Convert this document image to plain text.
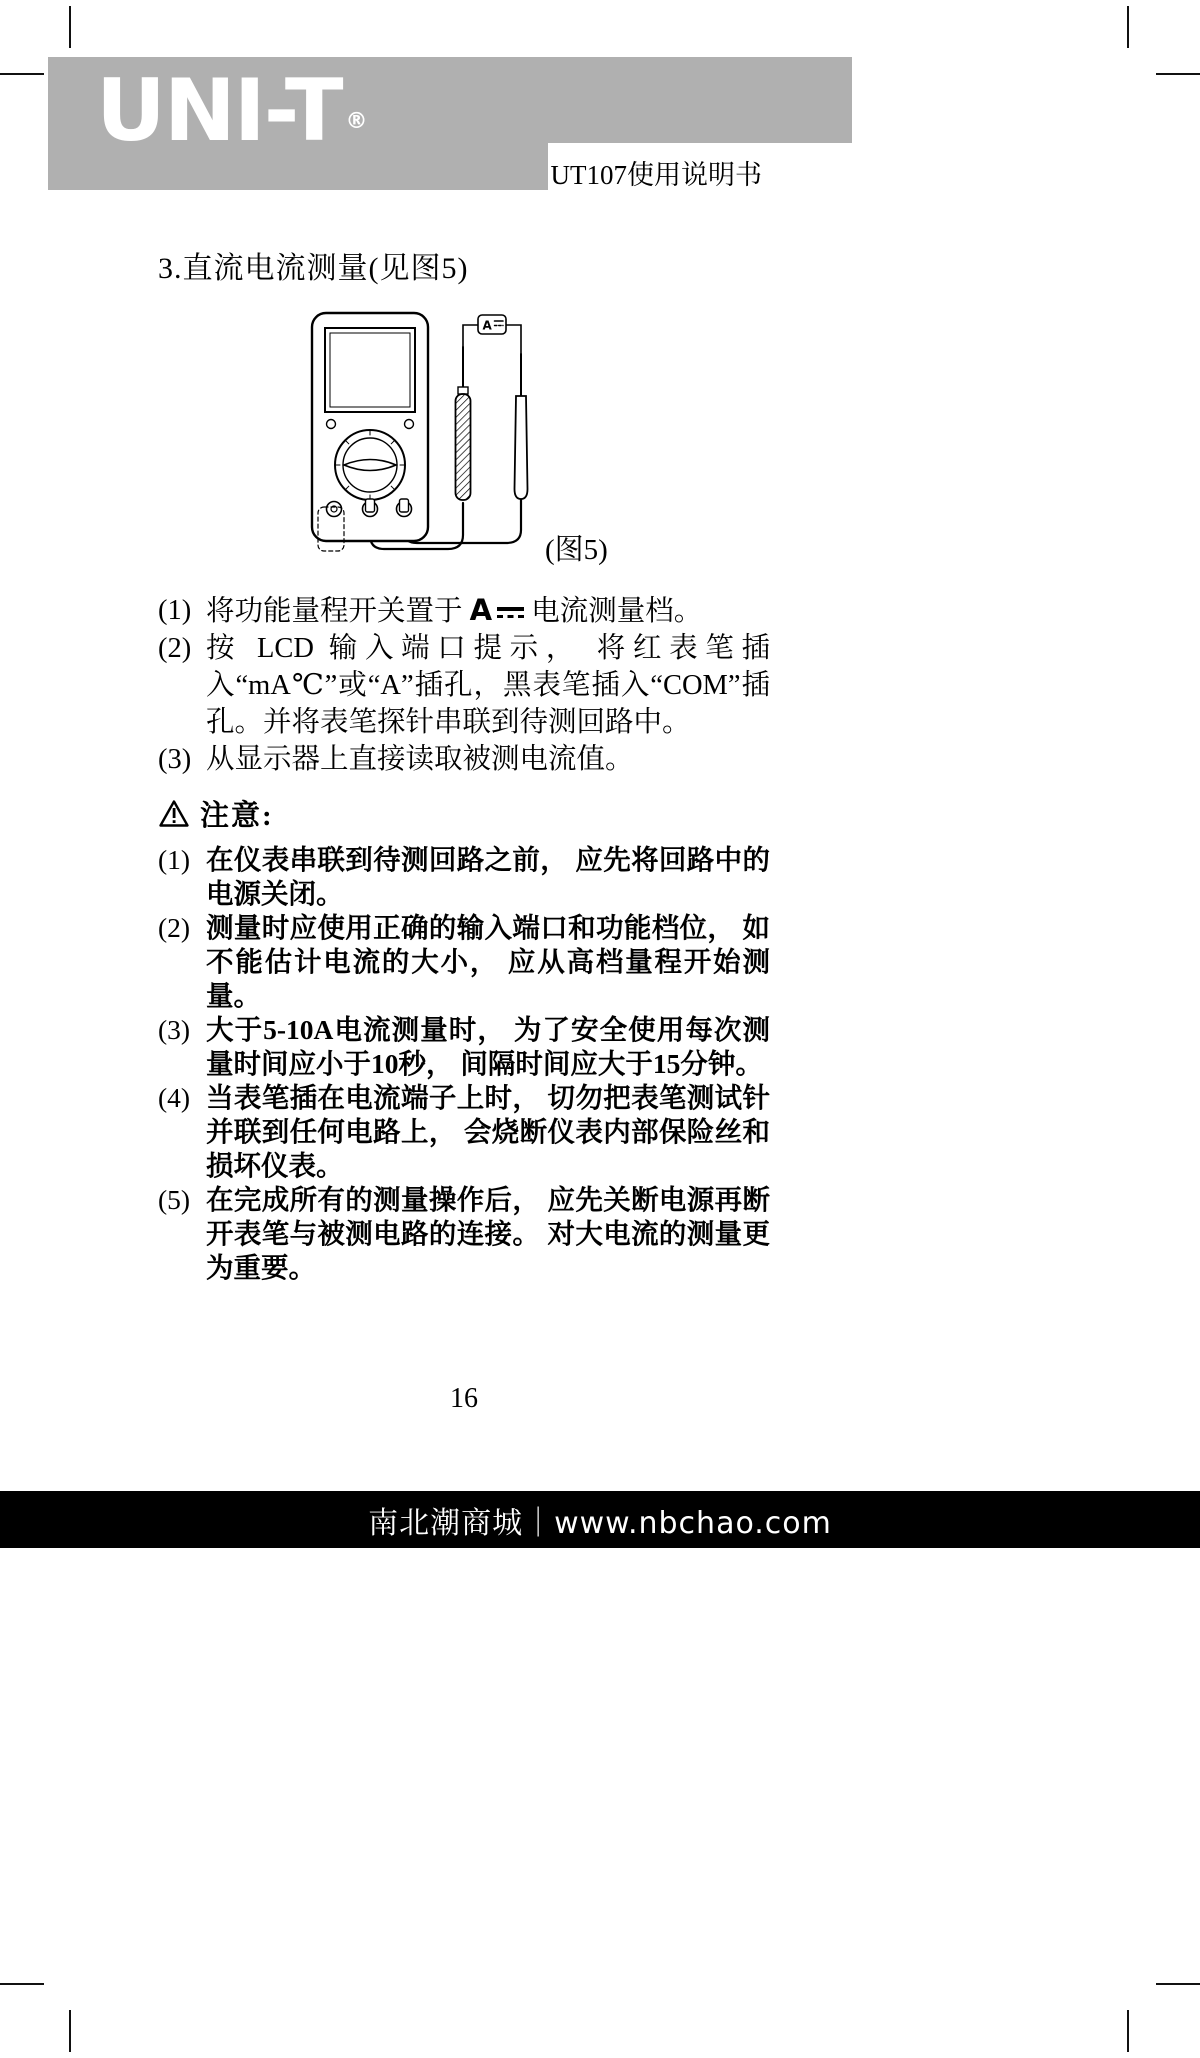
UNI-T ®
UT107使用说明书
3.直流电流测量(见图5)
A
(图5)
(1) 将功能量程开关置于 A 电流测量档。
(2) 按 LCD 输入端口提示， 将红表笔插入“mA℃”或“A”插孔，黑表笔插入“COM”插孔。并将表笔探针串联到待测回路中。
(3) 从显示器上直接读取被测电流值。
注意:
(1) 在仪表串联到待测回路之前， 应先将回路中的电源关闭。
(2) 测量时应使用正确的输入端口和功能档位， 如不能估计电流的大小， 应从高档量程开始测量。
(3) 大于5-10A电流测量时， 为了安全使用每次测量时间应小于10秒， 间隔时间应大于15分钟。
(4) 当表笔插在电流端子上时， 切勿把表笔测试针并联到任何电路上， 会烧断仪表内部保险丝和损坏仪表。
(5) 在完成所有的测量操作后， 应先关断电源再断开表笔与被测电路的连接。 对大电流的测量更为重要。
16
南北潮商城｜www.nbchao.com
